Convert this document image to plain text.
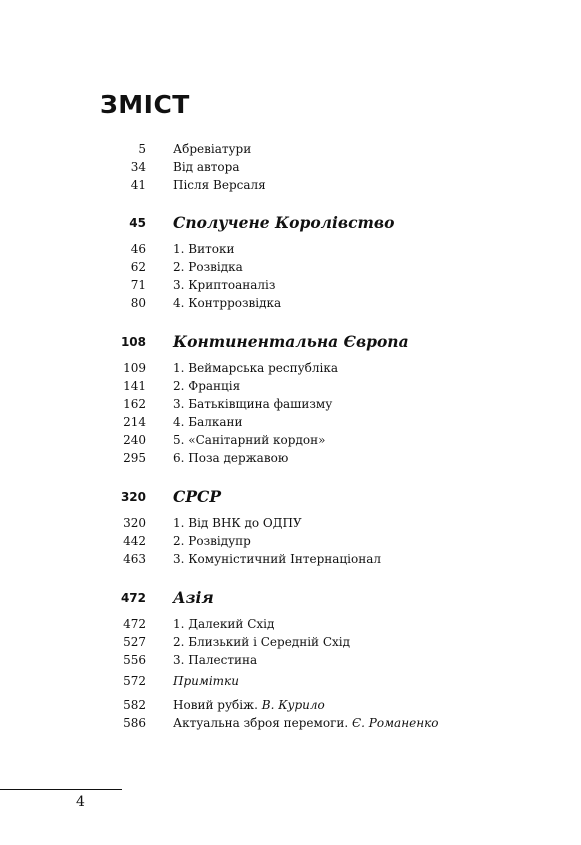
ЗМІСТ
5 Абревіатури
34 Від автора
41 Після Версаля
45 Сполучене Королівство
46 1. Витоки
62 2. Розвідка
71 3. Криптоаналіз
80 4. Контррозвідка
108 Континентальна Європа
109 1. Веймарська республіка
141 2. Франція
162 3. Батьківщина фашизму
214 4. Балкани
240 5. «Санітарний кордон»
295 6. Поза державою
320 СРСР
320 1. Від ВНК до ОДПУ
442 2. Розвідупр
463 3. Комуністичний Інтернаціонал
472 Азія
472 1. Далекий Схід
527 2. Близький і Середній Схід
556 3. Палестина
572 Примітки
582 Новий рубіж. В. Курило
586 Актуальна зброя перемоги. Є. Романенко
4
